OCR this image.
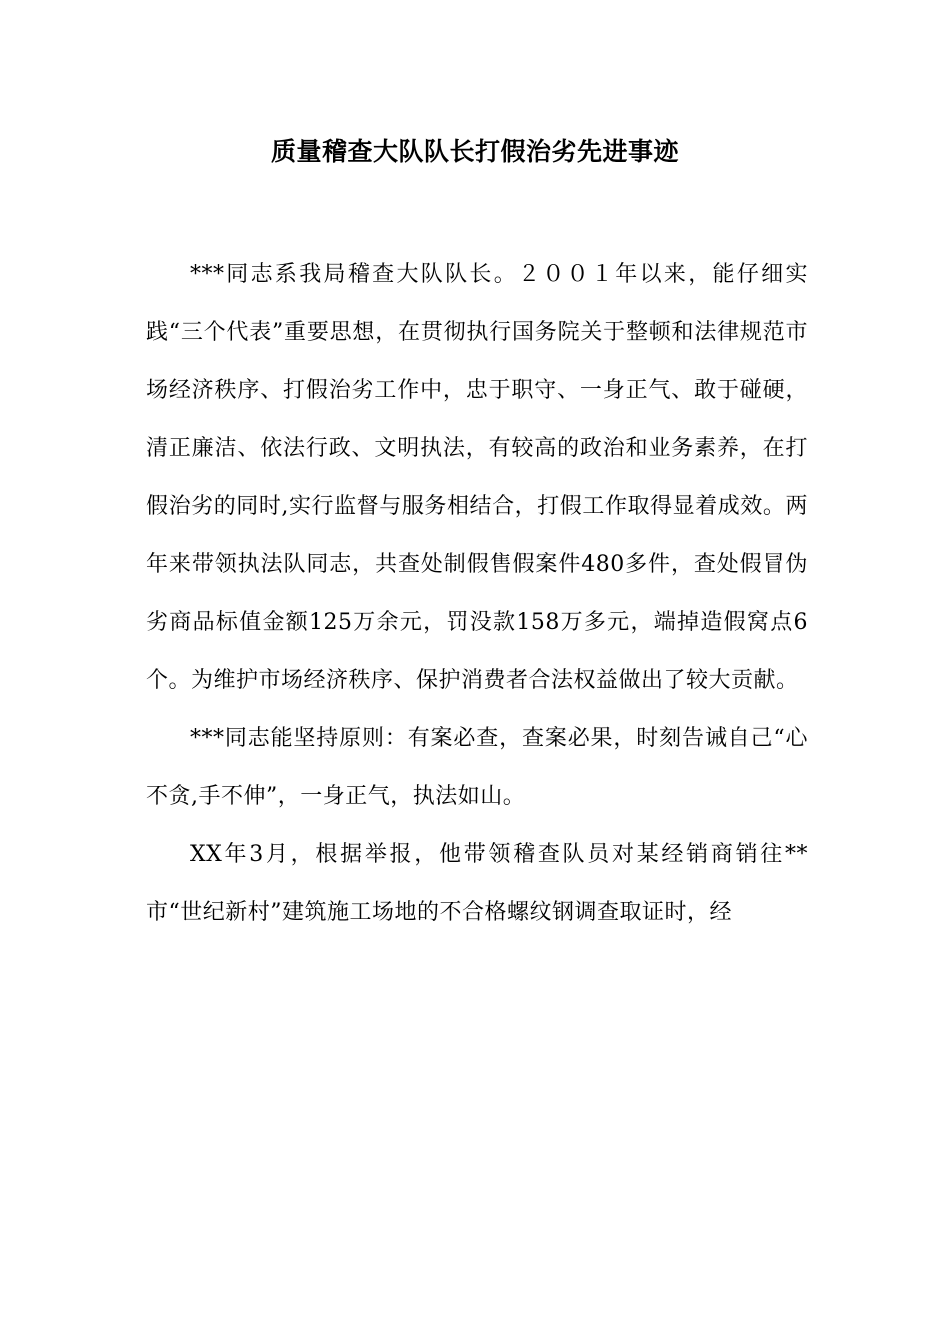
质量稽查大队队长打假治劣先进事迹

***同志系我局稽查大队队长。２００１年以来，能仔细实践“三个代表”重要思想，在贯彻执行国务院关于整顿和法律规范市场经济秩序、打假治劣工作中，忠于职守、一身正气、敢于碰硬，清正廉洁、依法行政、文明执法，有较高的政治和业务素养，在打假治劣的同时,实行监督与服务相结合，打假工作取得显着成效。两年来带领执法队同志，共查处制假售假案件480多件，查处假冒伪劣商品标值金额125万余元，罚没款158万多元，端掉造假窝点6个。为维护市场经济秩序、保护消费者合法权益做出了较大贡献。

***同志能坚持原则：有案必查，查案必果，时刻告诫自己“心不贪,手不伸”，一身正气，执法如山。

XX年3月，根据举报，他带领稽查队员对某经销商销往**市“世纪新村”建筑施工场地的不合格螺纹钢调查取证时，经
